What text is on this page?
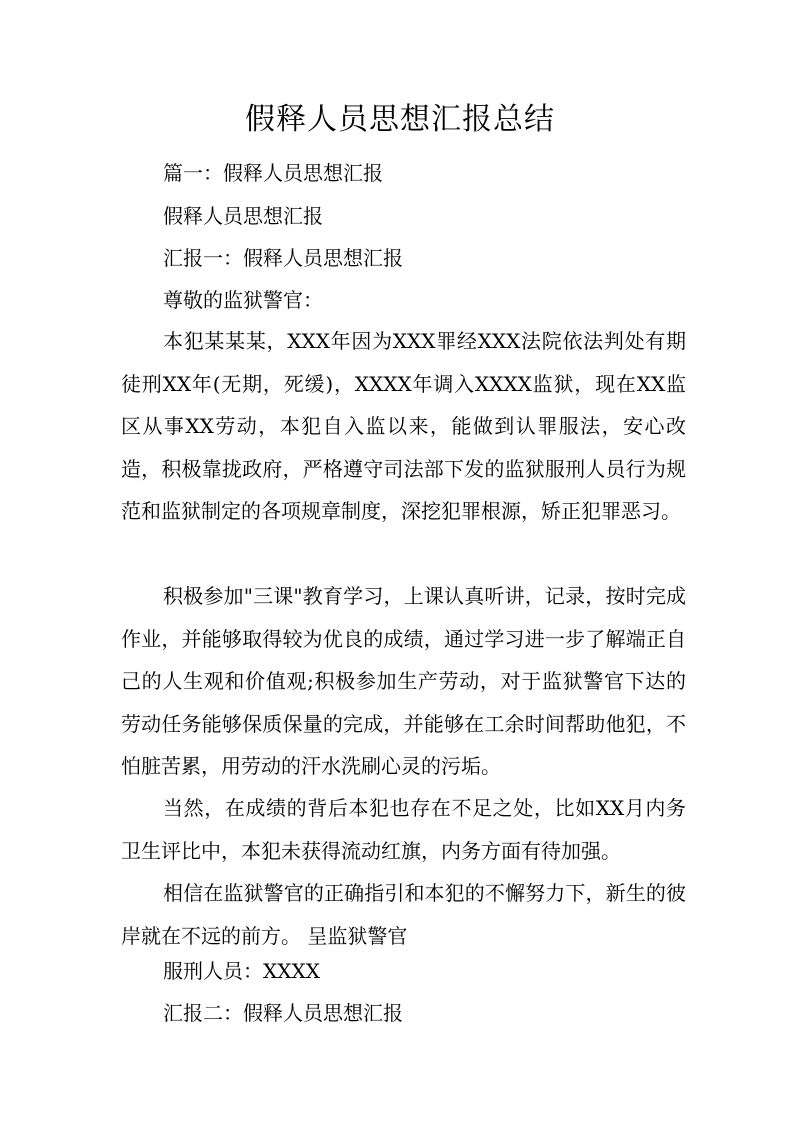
假释人员思想汇报总结
篇一：假释人员思想汇报
假释人员思想汇报
汇报一：假释人员思想汇报
尊敬的监狱警官：

本犯某某某，XXX年因为XXX罪经XXX法院依法判处有期徒刑XX年(无期，死缓)，XXXX年调入XXXX监狱，现在XX监区从事XX劳动，本犯自入监以来，能做到认罪服法，安心改造，积极靠拢政府，严格遵守司法部下发的监狱服刑人员行为规范和监狱制定的各项规章制度，深挖犯罪根源，矫正犯罪恶习。

积极参加"三课"教育学习，上课认真听讲，记录，按时完成作业，并能够取得较为优良的成绩，通过学习进一步了解端正自己的人生观和价值观;积极参加生产劳动，对于监狱警官下达的劳动任务能够保质保量的完成，并能够在工余时间帮助他犯，不怕脏苦累，用劳动的汗水洗刷心灵的污垢。

当然，在成绩的背后本犯也存在不足之处，比如XX月内务卫生评比中，本犯未获得流动红旗，内务方面有待加强。

相信在监狱警官的正确指引和本犯的不懈努力下，新生的彼岸就在不远的前方。 呈监狱警官

服刑人员：XXXX
汇报二：假释人员思想汇报
